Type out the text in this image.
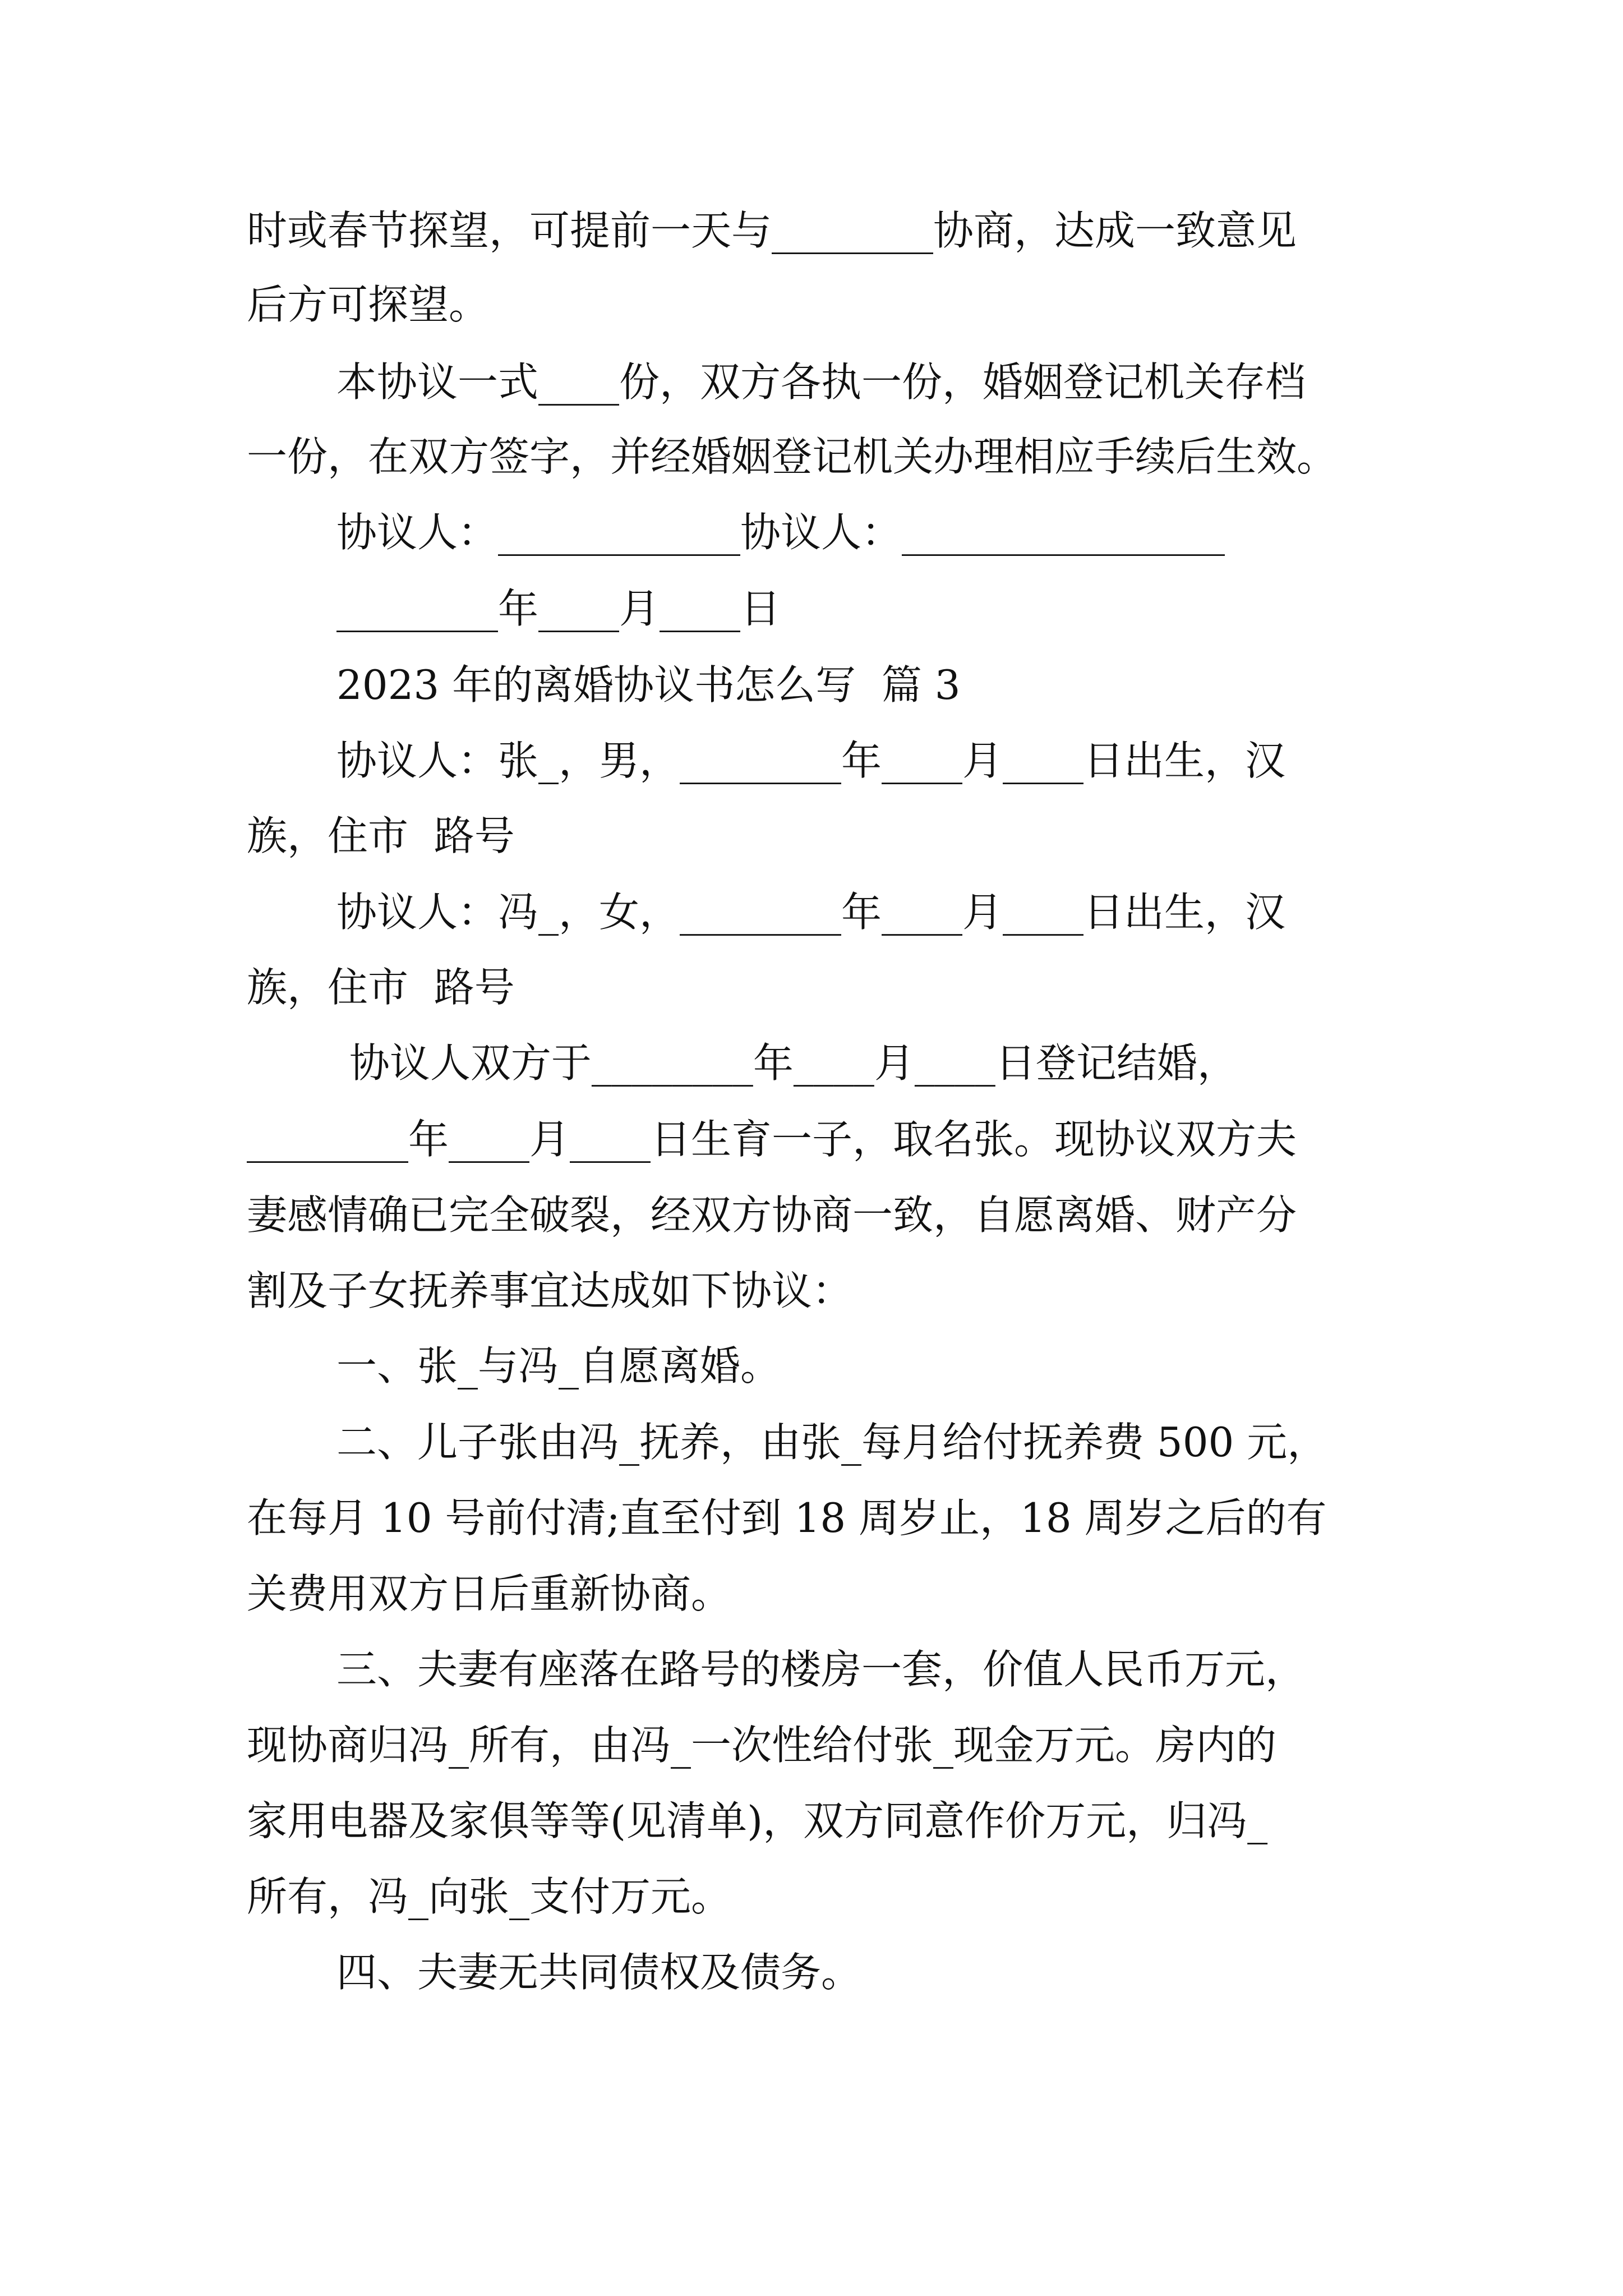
时或春节探望，可提前一天与________协商，达成一致意见
后方可探望。
本协议一式____份，双方各执一份，婚姻登记机关存档
一份，在双方签字，并经婚姻登记机关办理相应手续后生效。
协议人：____________协议人：________________
________年____月____日
2023 年的离婚协议书怎么写  篇 3
协议人：张_，男，________年____月____日出生，汉
族，住市  路号
协议人：冯_，女，________年____月____日出生，汉
族，住市  路号
协议人双方于________年____月____日登记结婚，
________年____月____日生育一子，取名张。现协议双方夫
妻感情确已完全破裂，经双方协商一致，自愿离婚、财产分
割及子女抚养事宜达成如下协议：
一、张_与冯_自愿离婚。
二、儿子张由冯_抚养，由张_每月给付抚养费 500 元，
在每月 10 号前付清;直至付到 18 周岁止，18 周岁之后的有
关费用双方日后重新协商。
三、夫妻有座落在路号的楼房一套，价值人民币万元，
现协商归冯_所有，由冯_一次性给付张_现金万元。房内的
家用电器及家俱等等(见清单)，双方同意作价万元，归冯_
所有，冯_向张_支付万元。
四、夫妻无共同债权及债务。
